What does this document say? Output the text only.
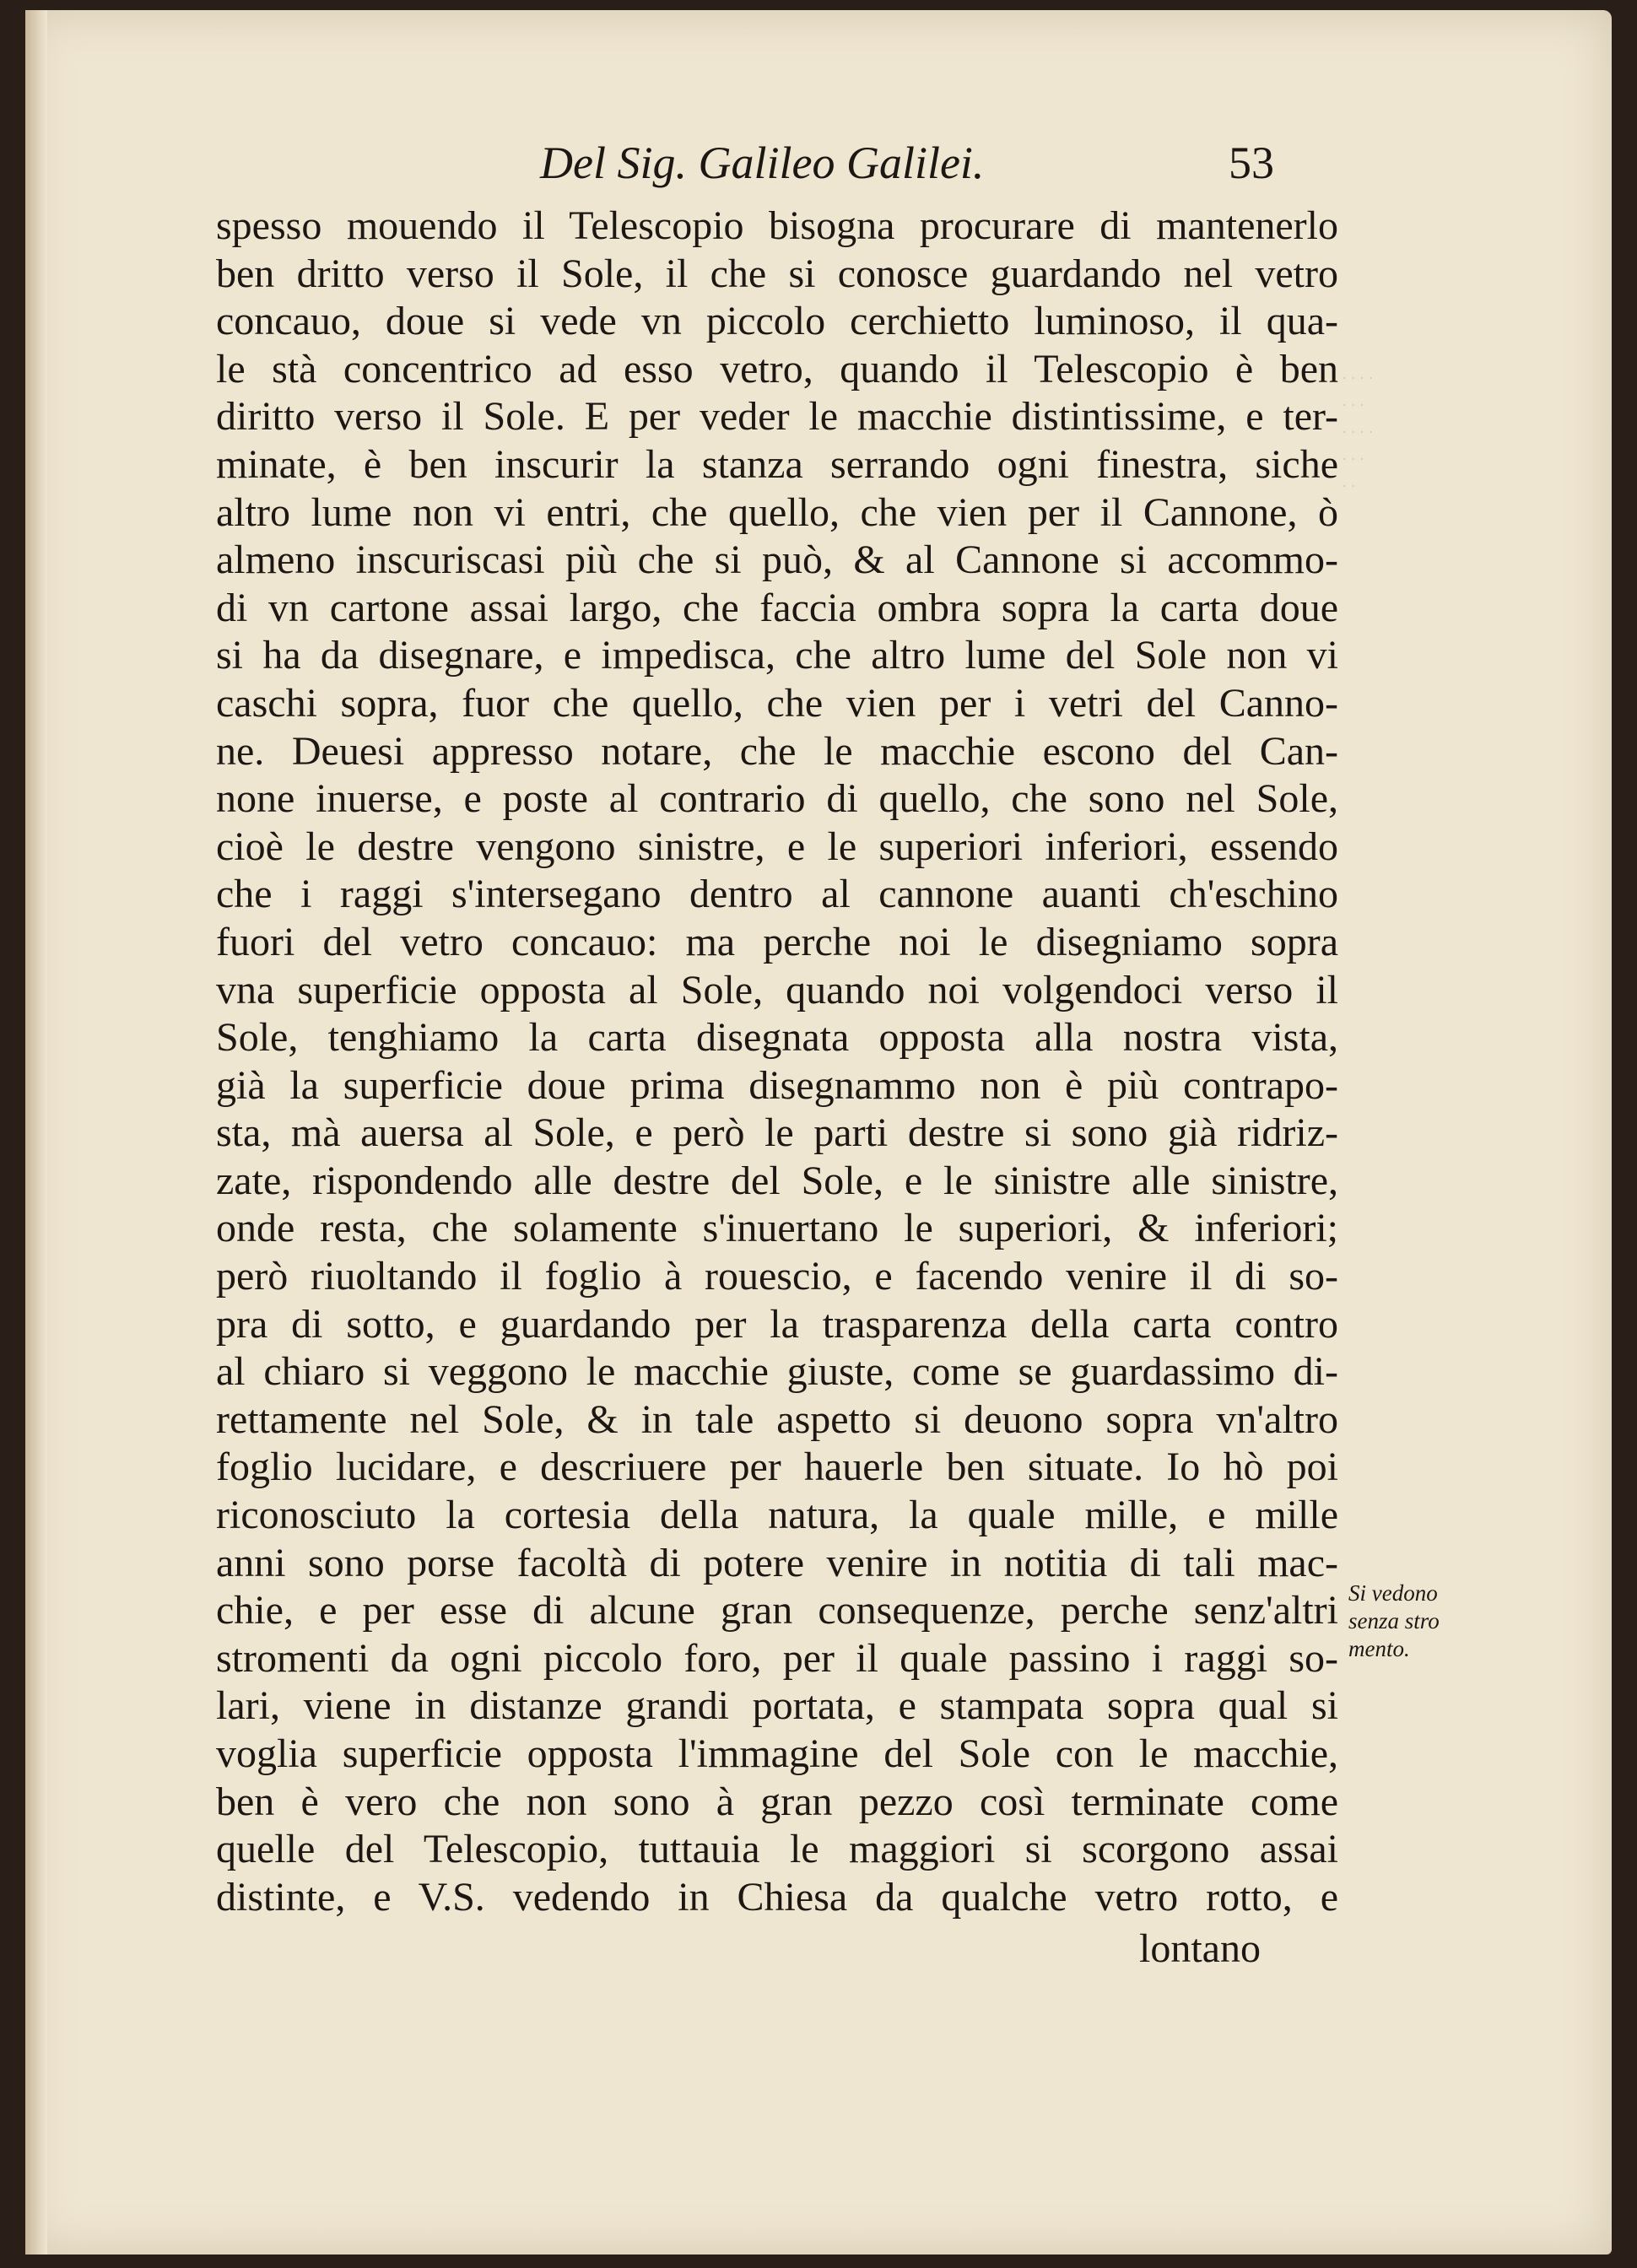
· · · ·
· · ·
· · · ·
· · ·
· ·
Del Sig. Galileo Galilei.	53
spesso mouendo il Telescopio bisogna procurare di mantenerlo
ben dritto verso il Sole, il che si conosce guardando nel vetro
concauo, doue si vede vn piccolo cerchietto luminoso, il qua-
le stà concentrico ad esso vetro, quando il Telescopio è ben
diritto verso il Sole. E per veder le macchie distintissime, e ter-
minate, è ben inscurir la stanza serrando ogni finestra, siche
altro lume non vi entri, che quello, che vien per il Cannone, ò
almeno inscuriscasi più che si può, & al Cannone si accommo-
di vn cartone assai largo, che faccia ombra sopra la carta doue
si ha da disegnare, e impedisca, che altro lume del Sole non vi
caschi sopra, fuor che quello, che vien per i vetri del Canno-
ne. Deuesi appresso notare, che le macchie escono del Can-
none inuerse, e poste al contrario di quello, che sono nel Sole,
cioè le destre vengono sinistre, e le superiori inferiori, essendo
che i raggi s'intersegano dentro al cannone auanti ch'eschino
fuori del vetro concauo: ma perche noi le disegniamo sopra
vna superficie opposta al Sole, quando noi volgendoci verso il
Sole, tenghiamo la carta disegnata opposta alla nostra vista,
già la superficie doue prima disegnammo non è più contrapo-
sta, mà auersa al Sole, e però le parti destre si sono già ridriz-
zate, rispondendo alle destre del Sole, e le sinistre alle sinistre,
onde resta, che solamente s'inuertano le superiori, & inferiori;
però riuoltando il foglio à rouescio, e facendo venire il di so-
pra di sotto, e guardando per la trasparenza della carta contro
al chiaro si veggono le macchie giuste, come se guardassimo di-
rettamente nel Sole, & in tale aspetto si deuono sopra vn'altro
foglio lucidare, e descriuere per hauerle ben situate. Io hò poi
riconosciuto la cortesia della natura, la quale mille, e mille
anni sono porse facoltà di potere venire in notitia di tali mac-
chie, e per esse di alcune gran consequenze, perche senz'altri
stromenti da ogni piccolo foro, per il quale passino i raggi so-
lari, viene in distanze grandi portata, e stampata sopra qual si
voglia superficie opposta l'immagine del Sole con le macchie,
ben è vero che non sono à gran pezzo così terminate come
quelle del Telescopio, tuttauia le maggiori si scorgono assai
distinte, e V.S. vedendo in Chiesa da qualche vetro rotto, e
lontano
Si vedono
senza stro
mento.
